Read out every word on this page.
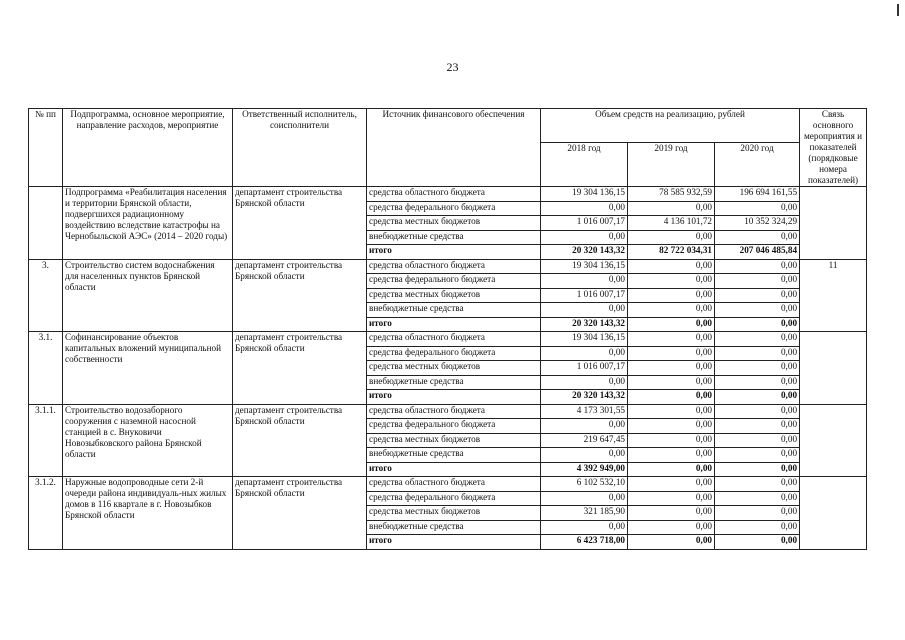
23
№ пп	Подпрограмма, основное мероприятие, направление расходов, мероприятие	Ответственный исполнитель, соисполнители	Источник финансового обеспечения	Объем средств на реализацию, рублей			Связь основного мероприятия и показателей (порядковые номера показателей)
				2018 год	2019 год	2020 год	
	Подпрограмма «Реабилитация населения и территории Брянской области, подвергшихся радиационному воздействию вследствие катастрофы на Чернобыльской АЭС» (2014 – 2020 годы)	департамент строительства Брянской области	средства областного бюджета	19 304 136,15	78 585 932,59	196 694 161,55	
			средства федерального бюджета	0,00	0,00	0,00	
			средства местных бюджетов	1 016 007,17	4 136 101,72	10 352 324,29	
			внебюджетные средства	0,00	0,00	0,00	
			итого	20 320 143,32	82 722 034,31	207 046 485,84	
3.	Строительство систем водоснабжения для населенных пунктов Брянской области	департамент строительства Брянской области	средства областного бюджета	19 304 136,15	0,00	0,00	11
			средства федерального бюджета	0,00	0,00	0,00	
			средства местных бюджетов	1 016 007,17	0,00	0,00	
			внебюджетные средства	0,00	0,00	0,00	
			итого	20 320 143,32	0,00	0,00	
3.1.	Софинансирование объектов капитальных вложений муниципальной собственности	департамент строительства Брянской области	средства областного бюджета	19 304 136,15	0,00	0,00	
			средства федерального бюджета	0,00	0,00	0,00	
			средства местных бюджетов	1 016 007,17	0,00	0,00	
			внебюджетные средства	0,00	0,00	0,00	
			итого	20 320 143,32	0,00	0,00	
3.1.1.	Строительство водозаборного сооружения с наземной насосной станцией в с. Внуковичи Новозыбковского района Брянской области	департамент строительства Брянской области	средства областного бюджета	4 173 301,55	0,00	0,00	
			средства федерального бюджета	0,00	0,00	0,00	
			средства местных бюджетов	219 647,45	0,00	0,00	
			внебюджетные средства	0,00	0,00	0,00	
			итого	4 392 949,00	0,00	0,00	
3.1.2.	Наружные водопроводные сети 2-й очереди района индивидуаль-ных жилых домов в 116 квартале в г. Новозыбков Брянской области	департамент строительства Брянской области	средства областного бюджета	6 102 532,10	0,00	0,00	
			средства федерального бюджета	0,00	0,00	0,00	
			средства местных бюджетов	321 185,90	0,00	0,00	
			внебюджетные средства	0,00	0,00	0,00	
			итого	6 423 718,00	0,00	0,00	
